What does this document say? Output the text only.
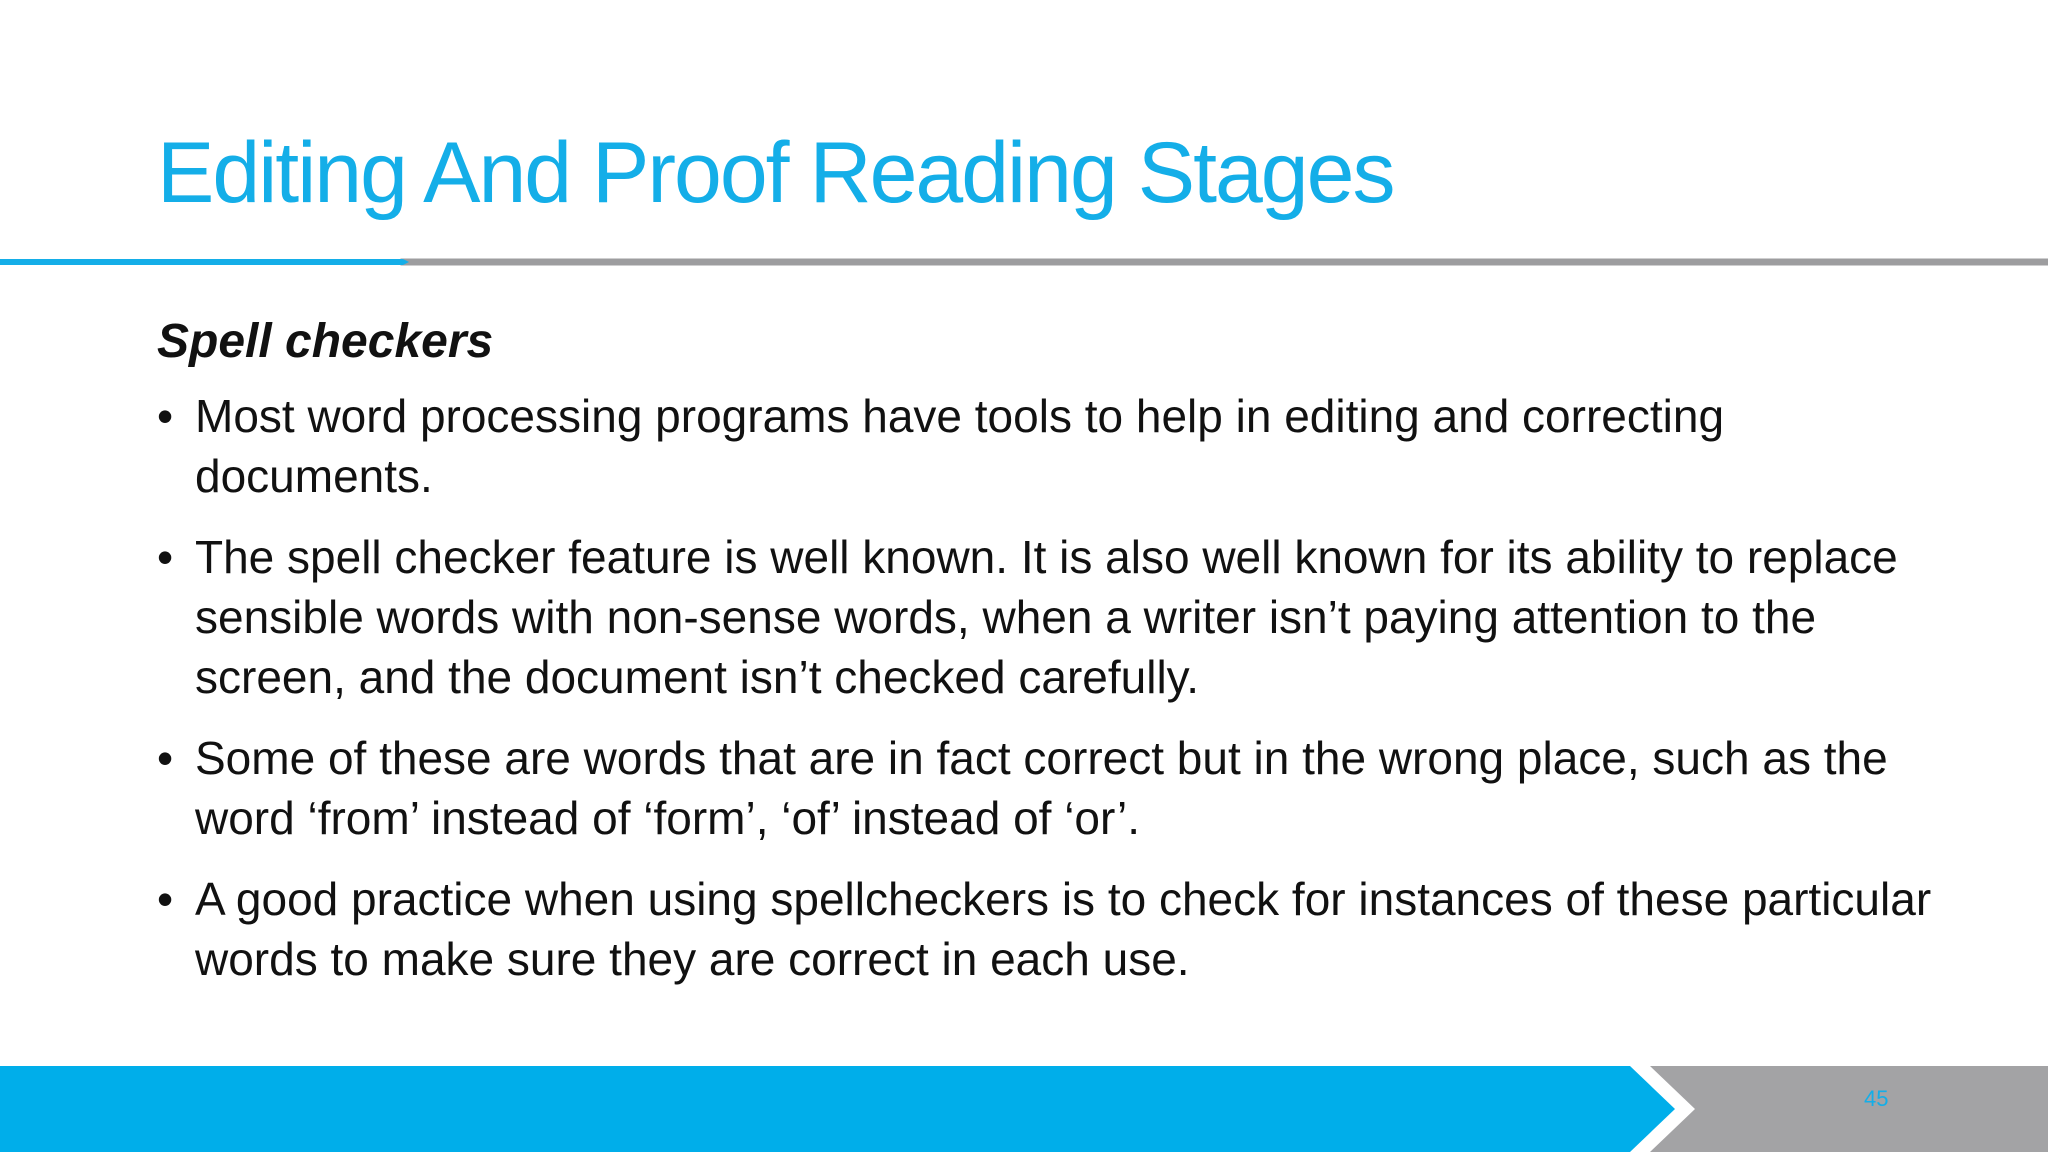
Editing And Proof Reading Stages
Spell checkers
• Most word processing programs have tools to help in editing and correcting documents.
• The spell checker feature is well known. It is also well known for its ability to replace sensible words with non-sense words, when a writer isn’t paying attention to the screen, and the document isn’t checked carefully.
• Some of these are words that are in fact correct but in the wrong place, such as the word ‘from’ instead of ‘form’, ‘of’ instead of ‘or’.
• A good practice when using spellcheckers is to check for instances of these particular words to make sure they are correct in each use.
45
